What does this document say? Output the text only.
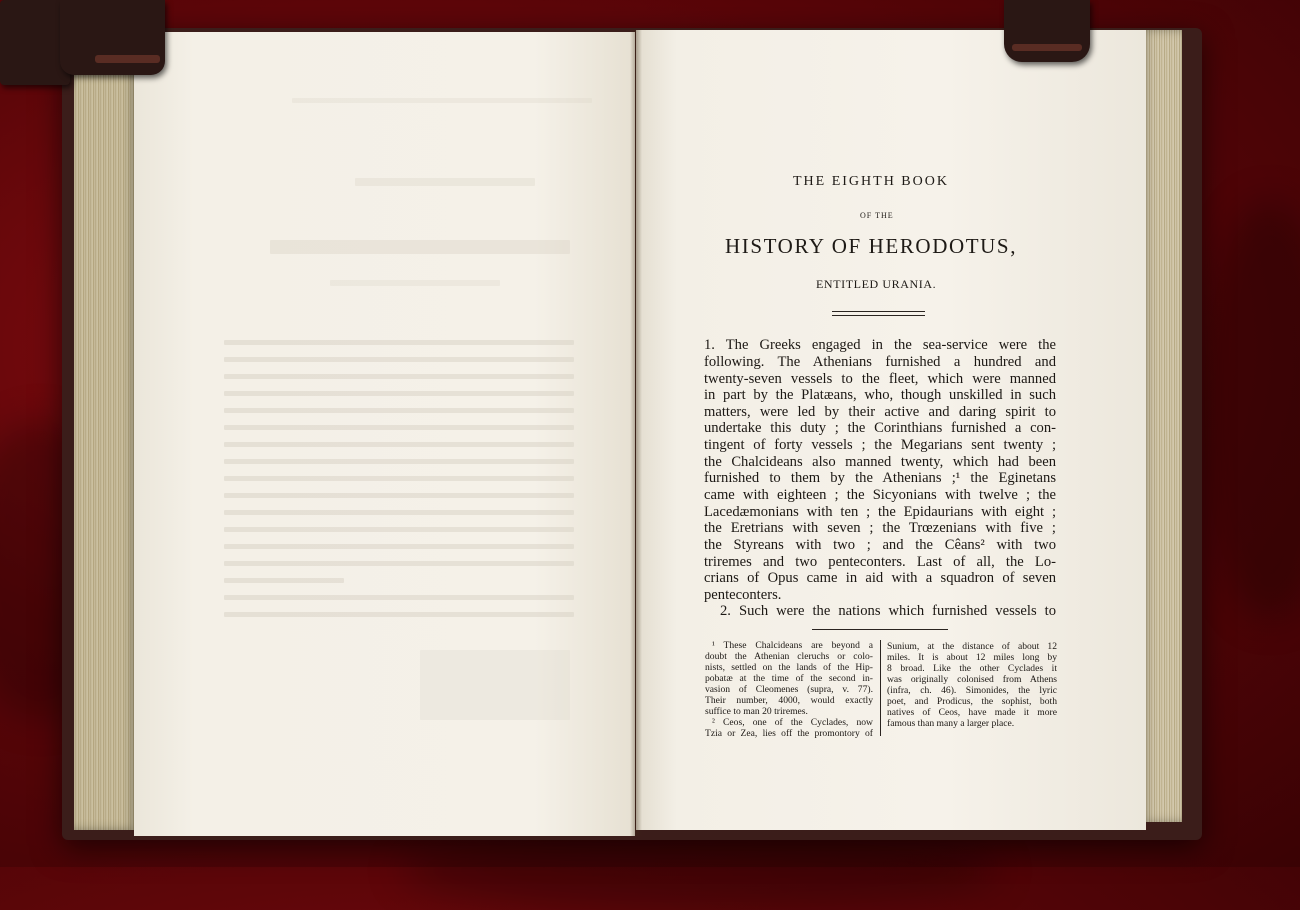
THE EIGHTH BOOK
OF THE
HISTORY OF HERODOTUS,
ENTITLED URANIA.
1. The Greeks engaged in the sea-service were the
following. The Athenians furnished a hundred and
twenty-seven vessels to the fleet, which were manned
in part by the Platæans, who, though unskilled in such
matters, were led by their active and daring spirit to
undertake this duty ; the Corinthians furnished a con-
tingent of forty vessels ; the Megarians sent twenty ;
the Chalcideans also manned twenty, which had been
furnished to them by the Athenians ;¹ the Eginetans
came with eighteen ; the Sicyonians with twelve ; the
Lacedæmonians with ten ; the Epidaurians with eight ;
the Eretrians with seven ; the Trœzenians with five ;
the Styreans with two ; and the Cêans² with two
triremes and two penteconters. Last of all, the Lo-
crians of Opus came in aid with a squadron of seven
penteconters.
2. Such were the nations which furnished vessels to
¹ These Chalcideans are beyond a
doubt the Athenian cleruchs or colo-
nists, settled on the lands of the Hip-
pobatæ at the time of the second in-
vasion of Cleomenes (supra, v. 77).
Their number, 4000, would exactly
suffice to man 20 triremes.
² Ceos, one of the Cyclades, now
Tzia or Zea, lies off the promontory of
Sunium, at the distance of about 12
miles. It is about 12 miles long by
8 broad. Like the other Cyclades it
was originally colonised from Athens
(infra, ch. 46). Simonides, the lyric
poet, and Prodicus, the sophist, both
natives of Ceos, have made it more
famous than many a larger place.
